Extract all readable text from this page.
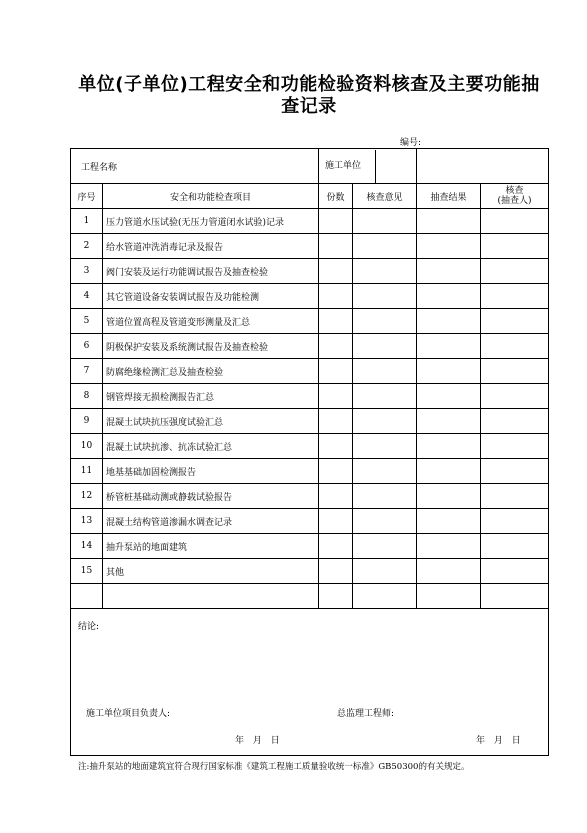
单位(子单位)工程安全和功能检验资料核查及主要功能抽
查记录
编号:
工程名称		施工单位			
序号	安全和功能检查项目	份数	核查意见	抽查结果	核查
(抽查人)

1	压力管道水压试验(无压力管道闭水试验)记录				
2	给水管道冲洗消毒记录及报告				
3	阀门安装及运行功能调试报告及抽查检验				
4	其它管道设备安装调试报告及功能检测				
5	管道位置高程及管道变形测量及汇总				
6	阴极保护安装及系统测试报告及抽查检验				
7	防腐绝缘检测汇总及抽查检验				
8	钢管焊接无损检测报告汇总				
9	混凝土试块抗压强度试验汇总				
10	混凝土试块抗渗、抗冻试验汇总				
11	地基基础加固检测报告				
12	桥管桩基础动测或静载试验报告				
13	混凝土结构管道渗漏水调查记录				
14	抽升泵站的地面建筑				
15	其他				

结论:
施工单位项目负责人: 总监理工程师:
年 月 日 年 月 日					
注:抽升泵站的地面建筑宜符合现行国家标准《建筑工程施工质量验收统一标准》GB50300的有关规定。
